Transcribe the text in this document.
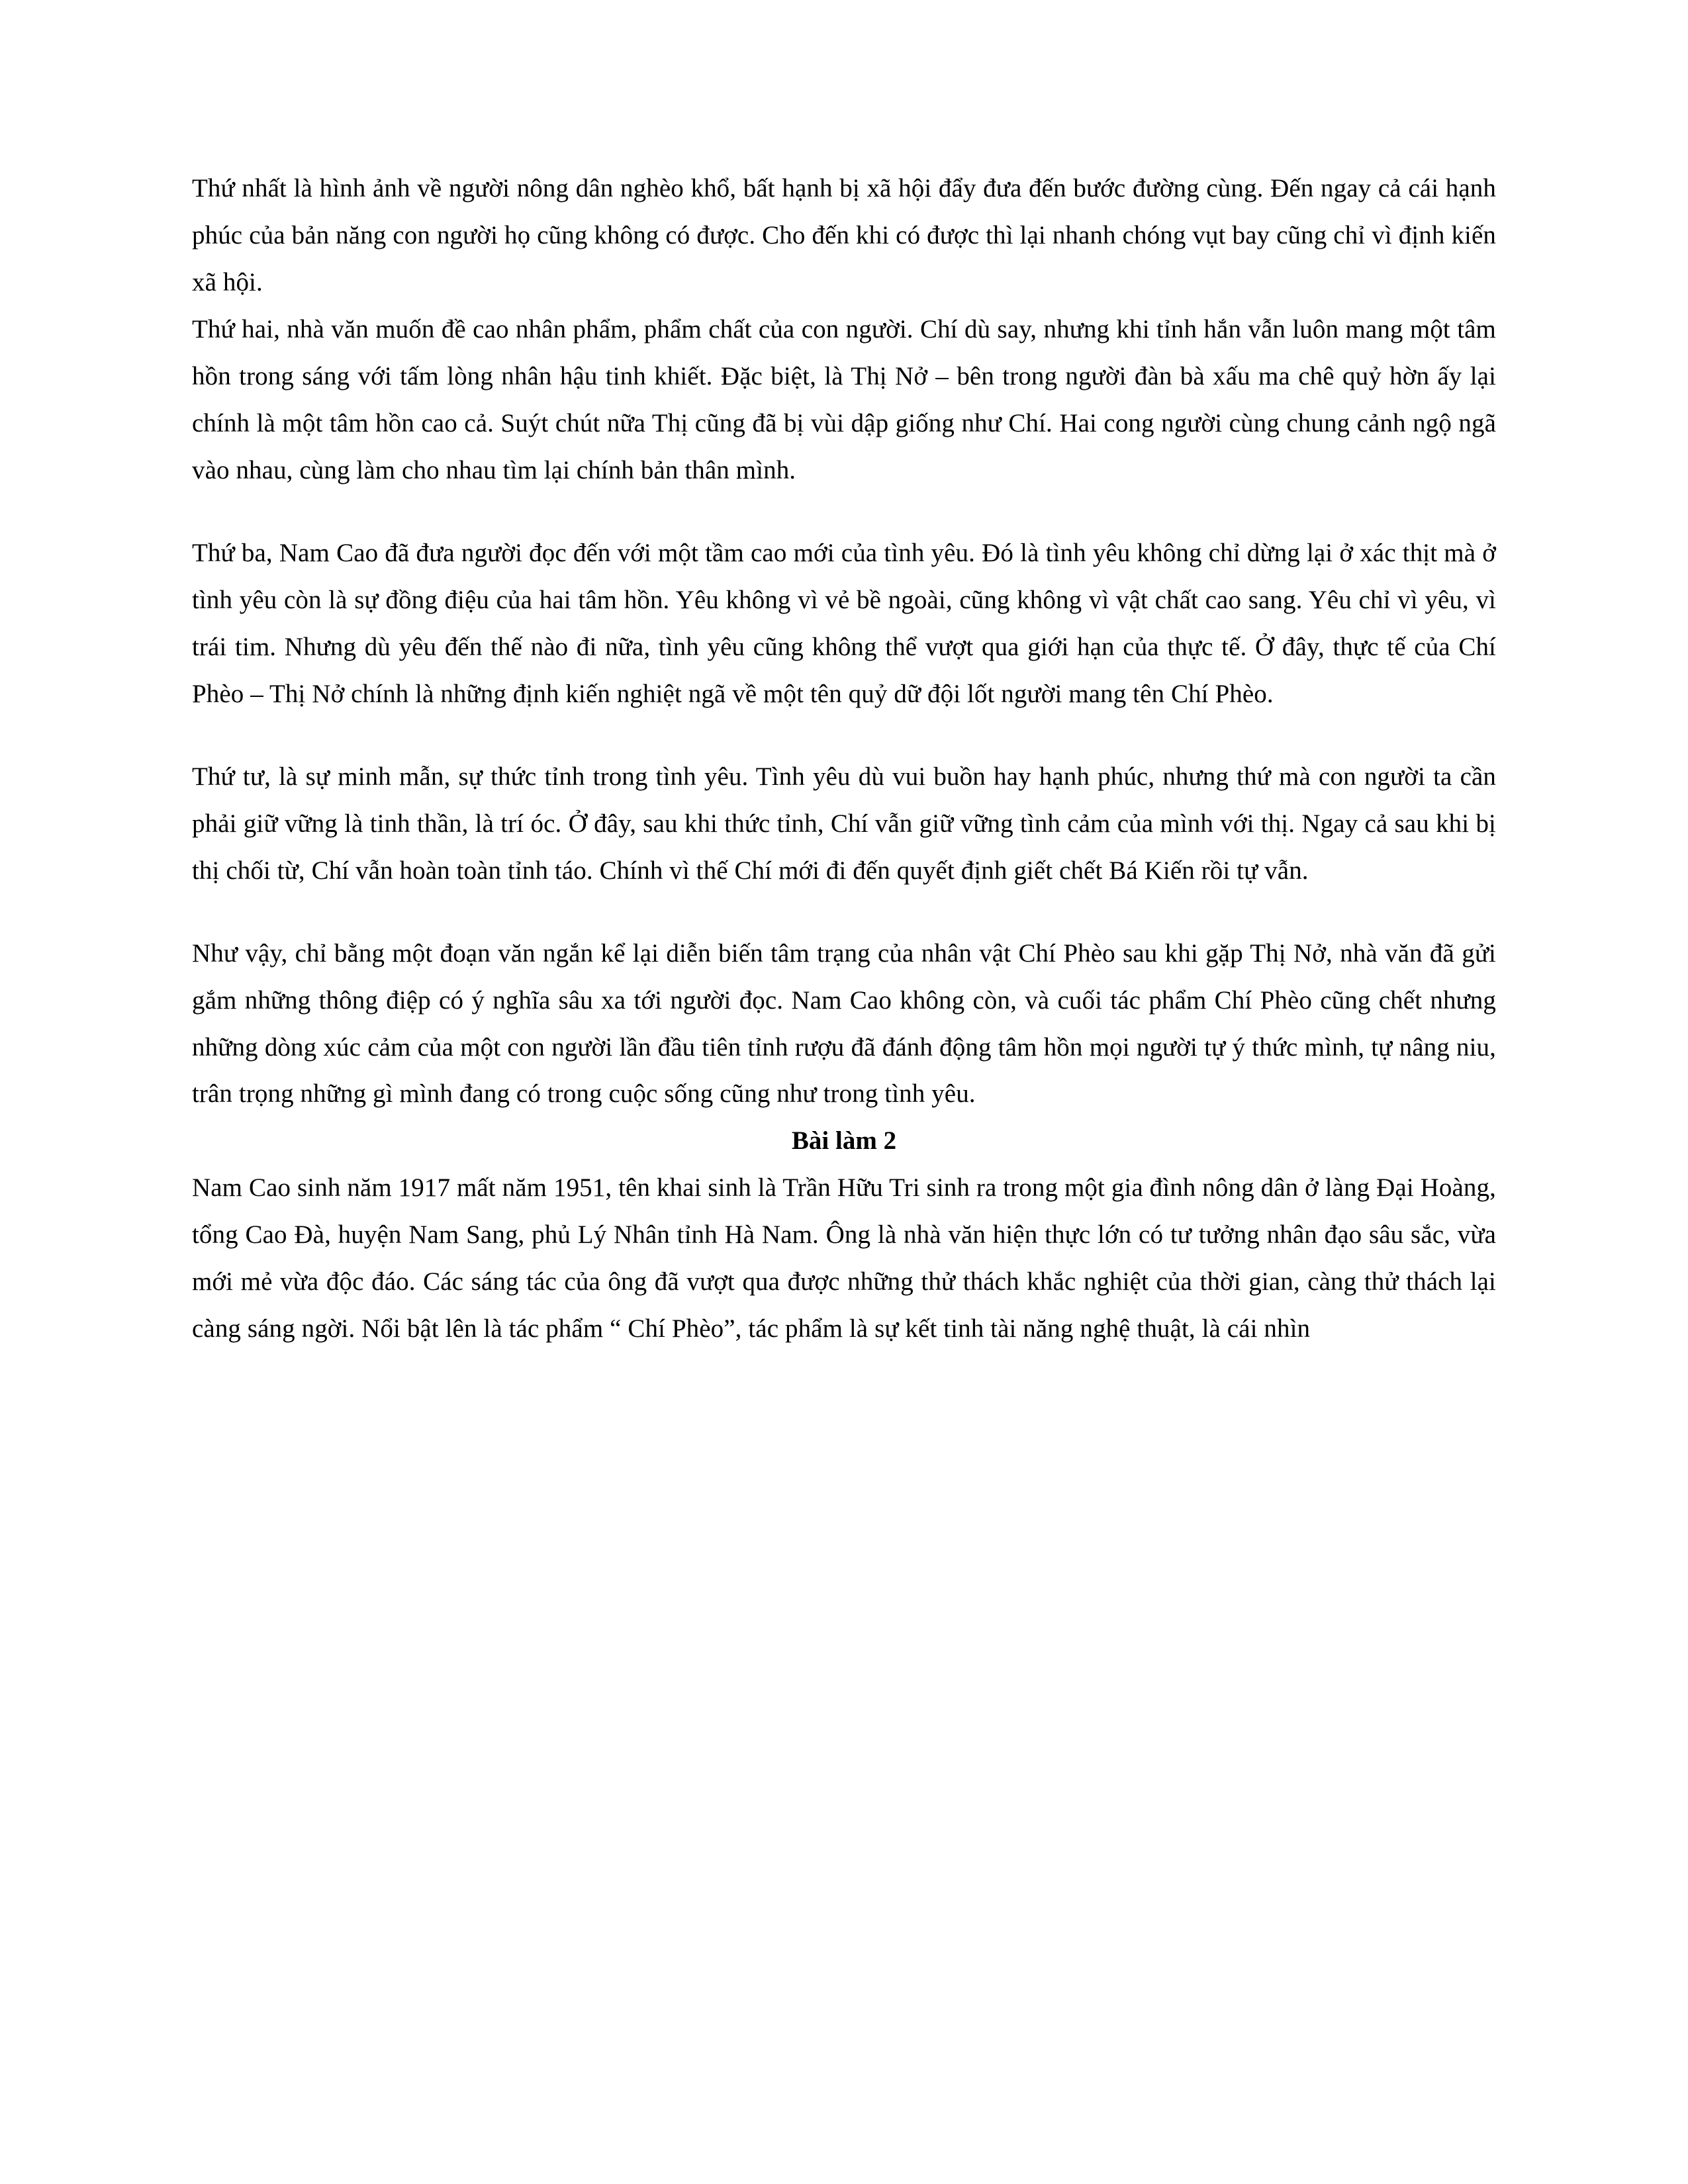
Thứ nhất là hình ảnh về người nông dân nghèo khổ, bất hạnh bị xã hội đẩy đưa đến bước đường cùng. Đến ngay cả cái hạnh phúc của bản năng con người họ cũng không có được. Cho đến khi có được thì lại nhanh chóng vụt bay cũng chỉ vì định kiến xã hội.

Thứ hai, nhà văn muốn đề cao nhân phẩm, phẩm chất của con người. Chí dù say, nhưng khi tỉnh hắn vẫn luôn mang một tâm hồn trong sáng với tấm lòng nhân hậu tinh khiết. Đặc biệt, là Thị Nở – bên trong người đàn bà xấu ma chê quỷ hờn ấy lại chính là một tâm hồn cao cả. Suýt chút nữa Thị cũng đã bị vùi dập giống như Chí. Hai cong người cùng chung cảnh ngộ ngã vào nhau, cùng làm cho nhau tìm lại chính bản thân mình.

Thứ ba, Nam Cao đã đưa người đọc đến với một tầm cao mới của tình yêu. Đó là tình yêu không chỉ dừng lại ở xác thịt mà ở tình yêu còn là sự đồng điệu của hai tâm hồn. Yêu không vì vẻ bề ngoài, cũng không vì vật chất cao sang. Yêu chỉ vì yêu, vì trái tim. Nhưng dù yêu đến thế nào đi nữa, tình yêu cũng không thể vượt qua giới hạn của thực tế. Ở đây, thực tế của Chí Phèo – Thị Nở chính là những định kiến nghiệt ngã về một tên quỷ dữ đội lốt người mang tên Chí Phèo.

Thứ tư, là sự minh mẫn, sự thức tỉnh trong tình yêu. Tình yêu dù vui buồn hay hạnh phúc, nhưng thứ mà con người ta cần phải giữ vững là tinh thần, là trí óc. Ở đây, sau khi thức tỉnh, Chí vẫn giữ vững tình cảm của mình với thị. Ngay cả sau khi bị thị chối từ, Chí vẫn hoàn toàn tỉnh táo. Chính vì thế Chí mới đi đến quyết định giết chết Bá Kiến rồi tự vẫn.

Như vậy, chỉ bằng một đoạn văn ngắn kể lại diễn biến tâm trạng của nhân vật Chí Phèo sau khi gặp Thị Nở, nhà văn đã gửi gắm những thông điệp có ý nghĩa sâu xa tới người đọc. Nam Cao không còn, và cuối tác phẩm Chí Phèo cũng chết nhưng những dòng xúc cảm của một con người lần đầu tiên tỉnh rượu đã đánh động tâm hồn mọi người tự ý thức mình, tự nâng niu, trân trọng những gì mình đang có trong cuộc sống cũng như trong tình yêu.

Bài làm 2

Nam Cao sinh năm 1917 mất năm 1951, tên khai sinh là Trần Hữu Tri sinh ra trong một gia đình nông dân ở làng Đại Hoàng, tổng Cao Đà, huyện Nam Sang, phủ Lý Nhân tỉnh Hà Nam. Ông là nhà văn hiện thực lớn có tư tưởng nhân đạo sâu sắc, vừa mới mẻ vừa độc đáo. Các sáng tác của ông đã vượt qua được những thử thách khắc nghiệt của thời gian, càng thử thách lại càng sáng ngời. Nổi bật lên là tác phẩm “ Chí Phèo”, tác phẩm là sự kết tinh tài năng nghệ thuật, là cái nhìn
